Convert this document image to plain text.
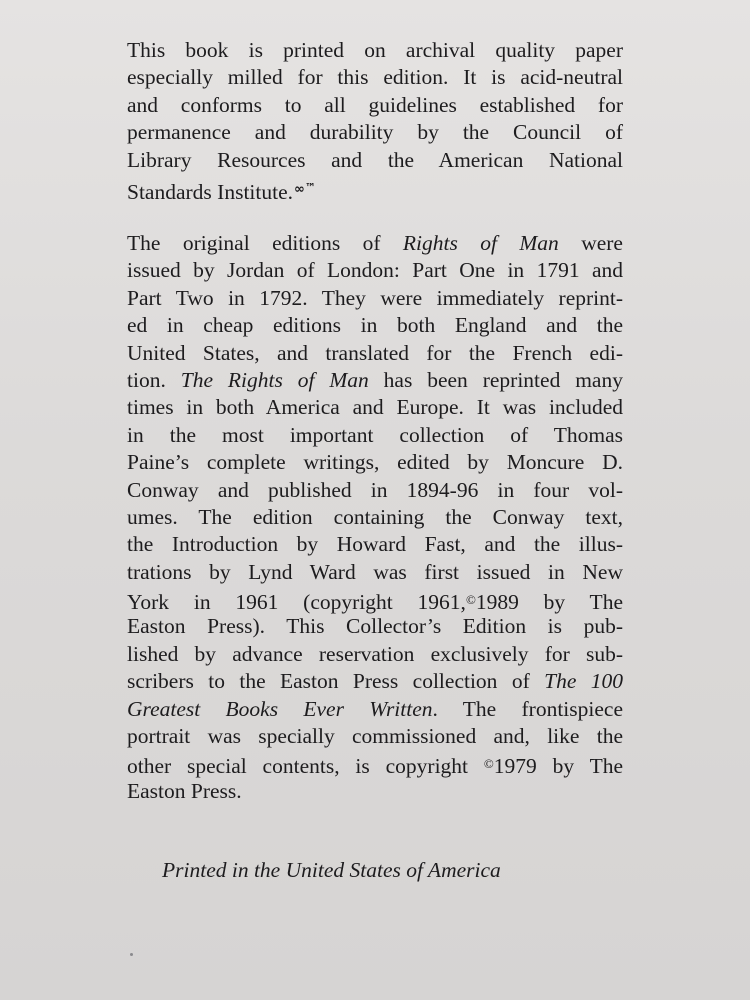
This book is printed on archival quality paper
especially milled for this edition. It is acid-neutral
and conforms to all guidelines established for
permanence and durability by the Council of
Library Resources and the American National
Standards Institute.∞™

The original editions of Rights of Man were
issued by Jordan of London: Part One in 1791 and
Part Two in 1792. They were immediately reprint-
ed in cheap editions in both England and the
United States, and translated for the French edi-
tion. The Rights of Man has been reprinted many
times in both America and Europe. It was included
in the most important collection of Thomas
Paine’s complete writings, edited by Moncure D.
Conway and published in 1894-96 in four vol-
umes. The edition containing the Conway text,
the Introduction by Howard Fast, and the illus-
trations by Lynd Ward was first issued in New
York in 1961 (copyright 1961,©1989 by The
Easton Press). This Collector’s Edition is pub-
lished by advance reservation exclusively for sub-
scribers to the Easton Press collection of The 100
Greatest Books Ever Written. The frontispiece
portrait was specially commissioned and, like the
other special contents, is copyright ©1979 by The
Easton Press.

Printed in the United States of America
